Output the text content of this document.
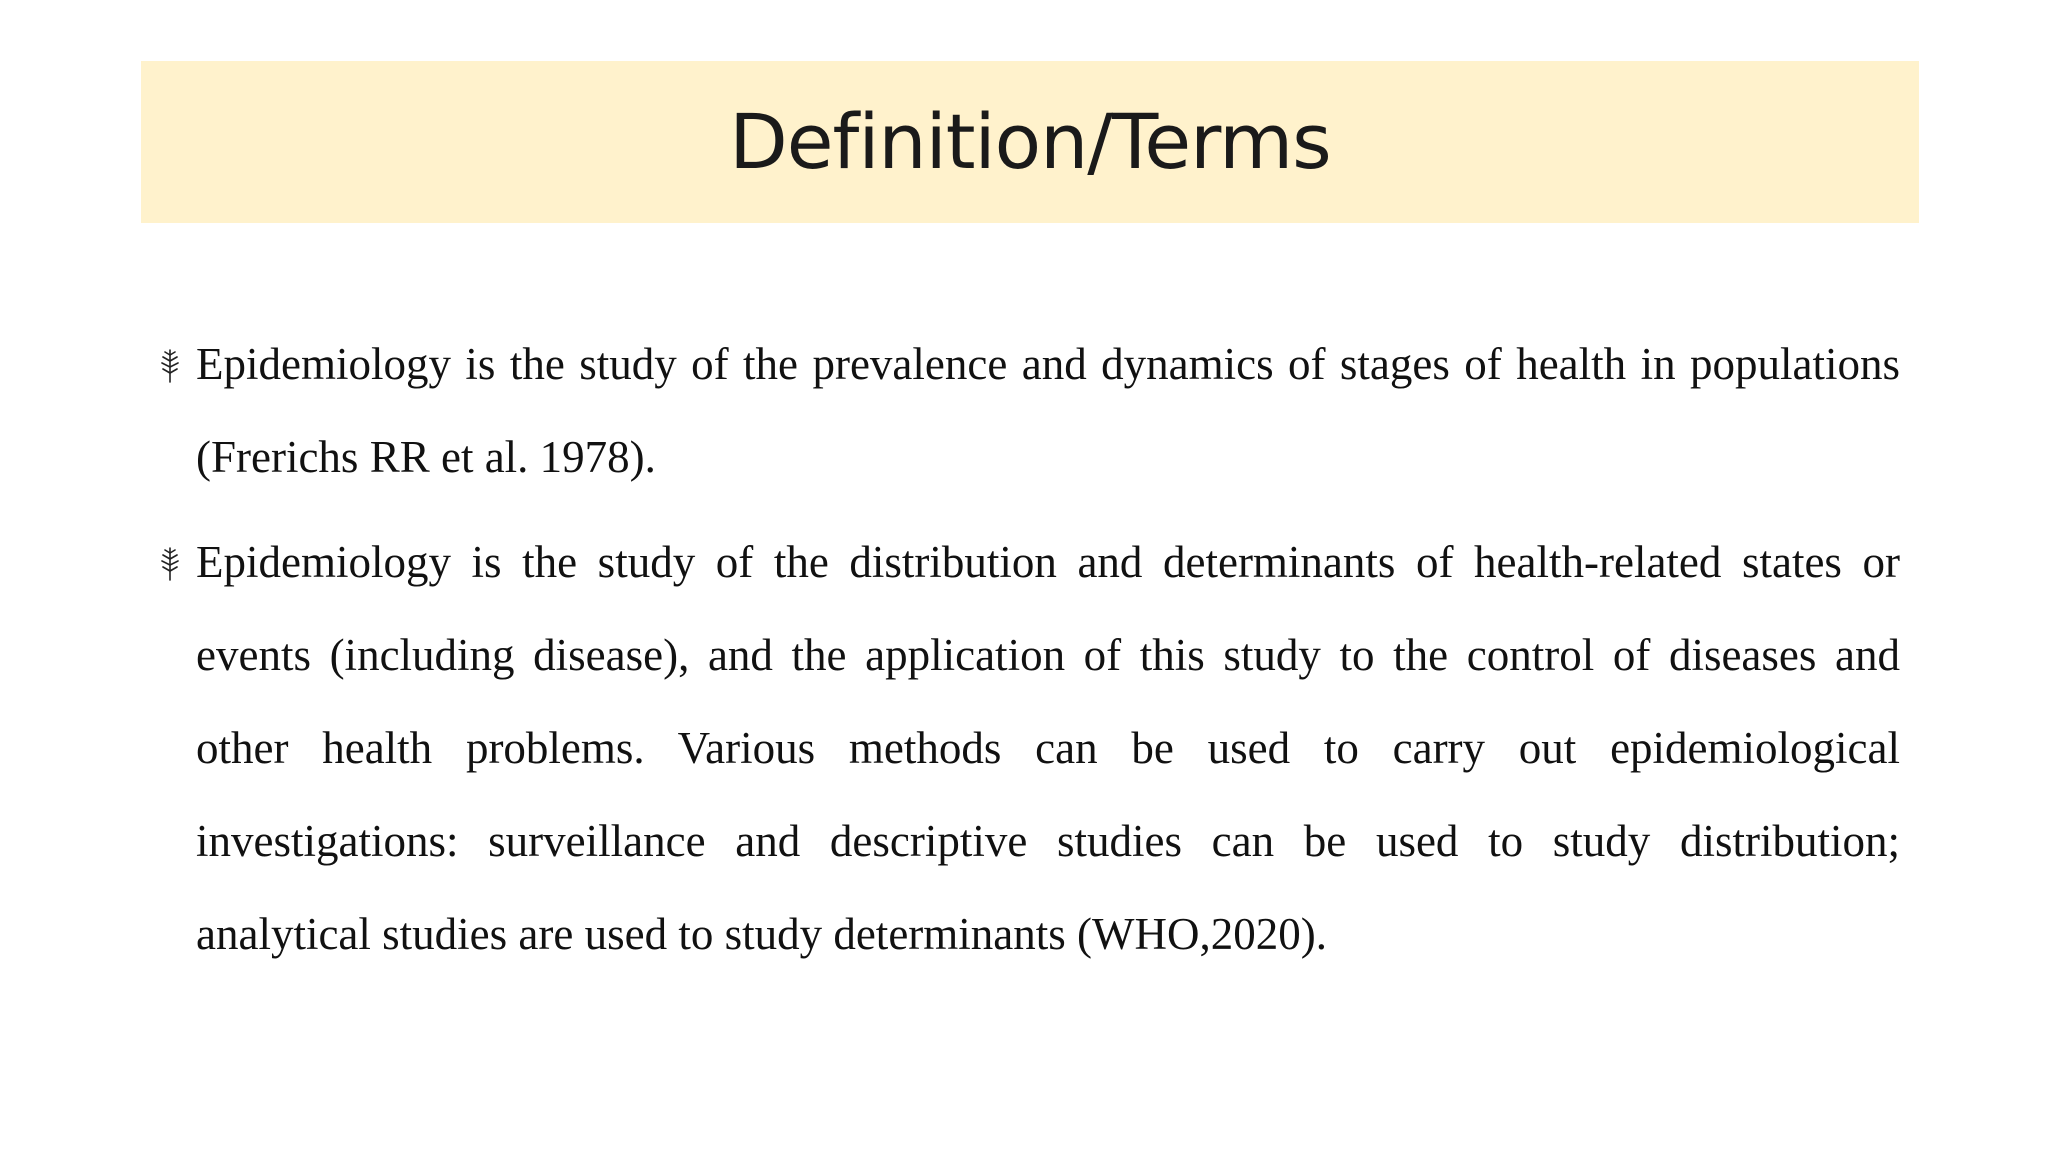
Definition/Terms

Epidemiology is the study of the prevalence and dynamics of stages of health in populations (Frerichs RR et al. 1978).

Epidemiology is the study of the distribution and determinants of health-related states or events (including disease), and the application of this study to the control of diseases and other health problems. Various methods can be used to carry out epidemiological investigations: surveillance and descriptive studies can be used to study distribution; analytical studies are used to study determinants (WHO,2020).
